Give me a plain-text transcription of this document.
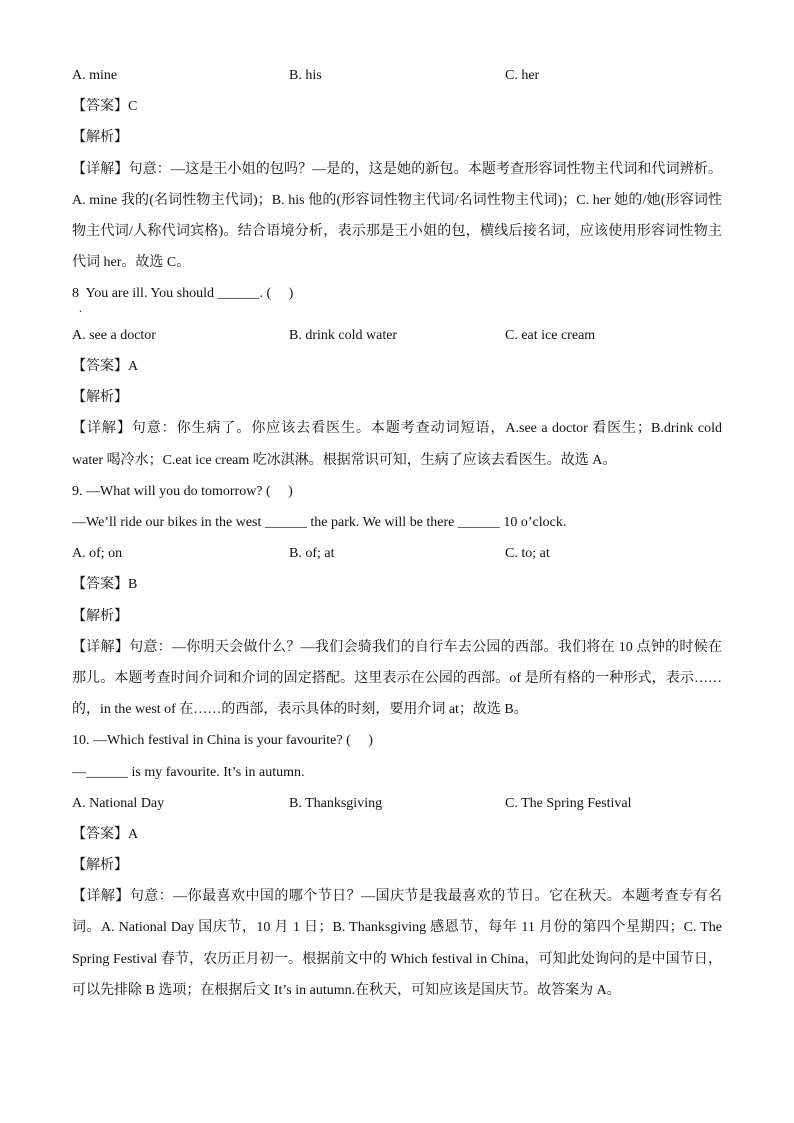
A. mine	B. his	C. her
【答案】C
【解析】
【详解】句意：—这是王小姐的包吗？—是的，这是她的新包。本题考查形容词性物主代词和代词辨析。
A. mine 我的(名词性物主代词)；B. his 他的(形容词性物主代词/名词性物主代词)；C. her 她的/她(形容词性
物主代词/人称代词宾格)。结合语境分析，表示那是王小姐的包，横线后接名词，应该使用形容词性物主
代词 her。故选 C。
8  You are ill. You should ______. (     )
.
A. see a doctor	B. drink cold water	C. eat ice cream
【答案】A
【解析】
【详解】句意：你生病了。你应该去看医生。本题考查动词短语，A.see a doctor 看医生；B.drink cold
water 喝冷水；C.eat ice cream 吃冰淇淋。根据常识可知，生病了应该去看医生。故选 A。
9. —What will you do tomorrow? (     )
—We’ll ride our bikes in the west ______ the park. We will be there ______ 10 o’clock.
A. of; on	B. of; at	C. to; at
【答案】B
【解析】
【详解】句意：—你明天会做什么？—我们会骑我们的自行车去公园的西部。我们将在 10 点钟的时候在
那儿。本题考查时间介词和介词的固定搭配。这里表示在公园的西部。of 是所有格的一种形式，表示……
的，in the west of 在……的西部，表示具体的时刻，要用介词 at；故选 B。
10. —Which festival in China is your favourite? (     )
—______ is my favourite. It’s in autumn.
A. National Day	B. Thanksgiving	C. The Spring Festival
【答案】A
【解析】
【详解】句意：—你最喜欢中国的哪个节日？—国庆节是我最喜欢的节日。它在秋天。本题考查专有名
词。A. National Day 国庆节，10 月 1 日；B. Thanksgiving 感恩节，每年 11 月份的第四个星期四；C. The
Spring Festival 春节，农历正月初一。根据前文中的 Which festival in China，可知此处询问的是中国节日，
可以先排除 B 选项；在根据后文 It’s in autumn.在秋天，可知应该是国庆节。故答案为 A。
